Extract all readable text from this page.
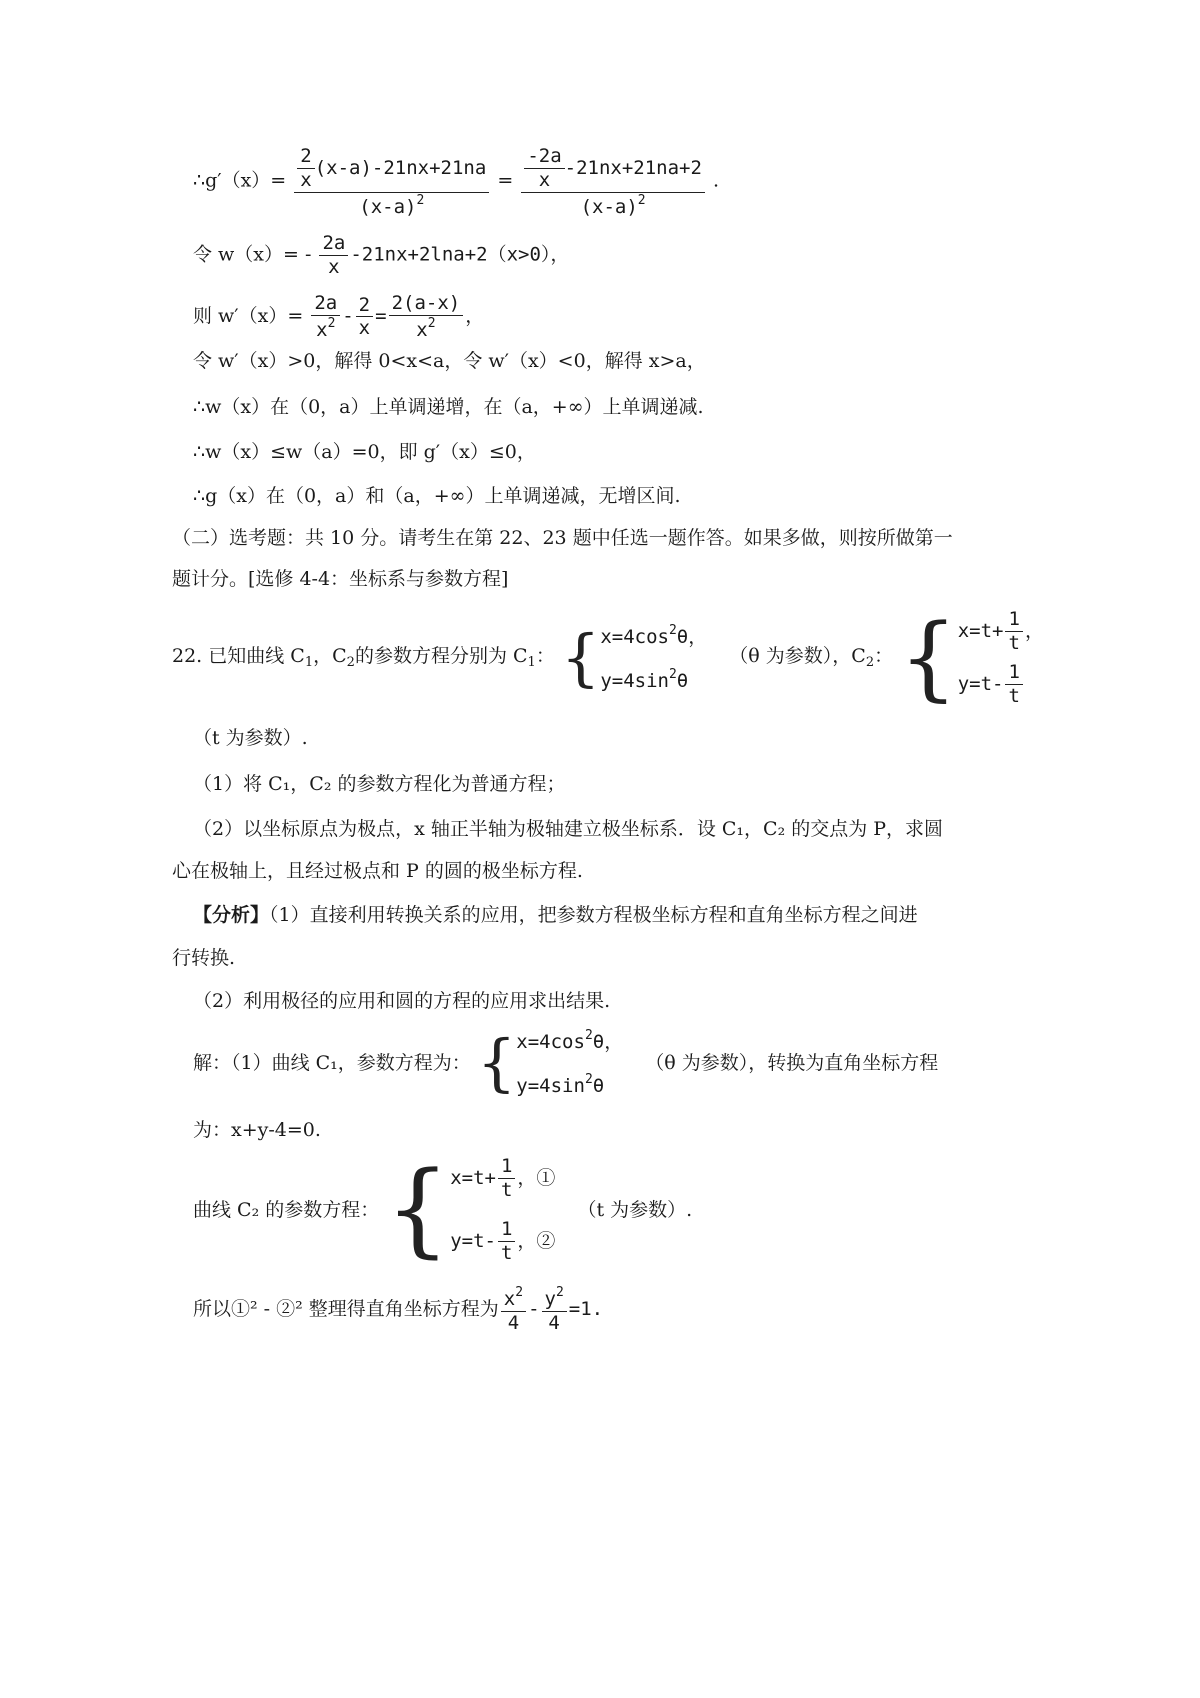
∴g′（x）= $\frac{\frac{2}{x} (x-a)-21nx+21na}{(x-a)^2} = \frac{\frac{-2a}{x} -21nx+21na+2}{(x-a)^2}$ .
令 $w(x)= - \frac{2a}{x} -21nx+2\ln a+2(x>0)$，
则 $w'(x)= \frac{2a}{x^2} - \frac{2}{x} = \frac{2(a-x)}{x^2}$ ，
令 w′（x）>0，解得 0<x<a，令 w′（x）<0，解得 x>a，
∴w（x）在（0，a）上单调递增，在（a，+∞）上单调递减.
∴w（x）≤w（a）=0，即 g′（x）≤0，
∴g（x）在（0，a）和（a，+∞）上单调递减，无增区间.
（二）选考题：共 10 分。请考生在第 22、23 题中任选一题作答。如果多做，则按所做第一
题计分。[选修 4-4：坐标系与参数方程]
22. 已知曲线 $C_1$，$C_2$的参数方程分别为 $C_1$： { $x=4\cos^2\theta$，
$y=4\sin^2\theta$
（θ 为参数），$C_2$： { $x=t+ \frac{1}{t}$ ，
$y=t- \frac{1}{t}$
（t 为参数）.
（1）将 C₁，C₂ 的参数方程化为普通方程；
（2）以坐标原点为极点，x 轴正半轴为极轴建立极坐标系．设 C₁，C₂ 的交点为 P，求圆
心在极轴上，且经过极点和 P 的圆的极坐标方程.
【分析】（1）直接利用转换关系的应用，把参数方程极坐标方程和直角坐标方程之间进
行转换.
（2）利用极径的应用和圆的方程的应用求出结果.
解：（1）曲线 C₁，参数方程为： { $x=4\cos^2\theta$，
$y=4\sin^2\theta$
（θ 为参数），转换为直角坐标方程
为：x+y-4=0.
曲线 C₂ 的参数方程： { $x=t+ \frac{1}{t}$ ，①
$y=t- \frac{1}{t}$ ，②
（t 为参数）.
所以①² - ②² 整理得直角坐标方程为 $\frac{x^2}{4} - \frac{y^2}{4} =1$.
